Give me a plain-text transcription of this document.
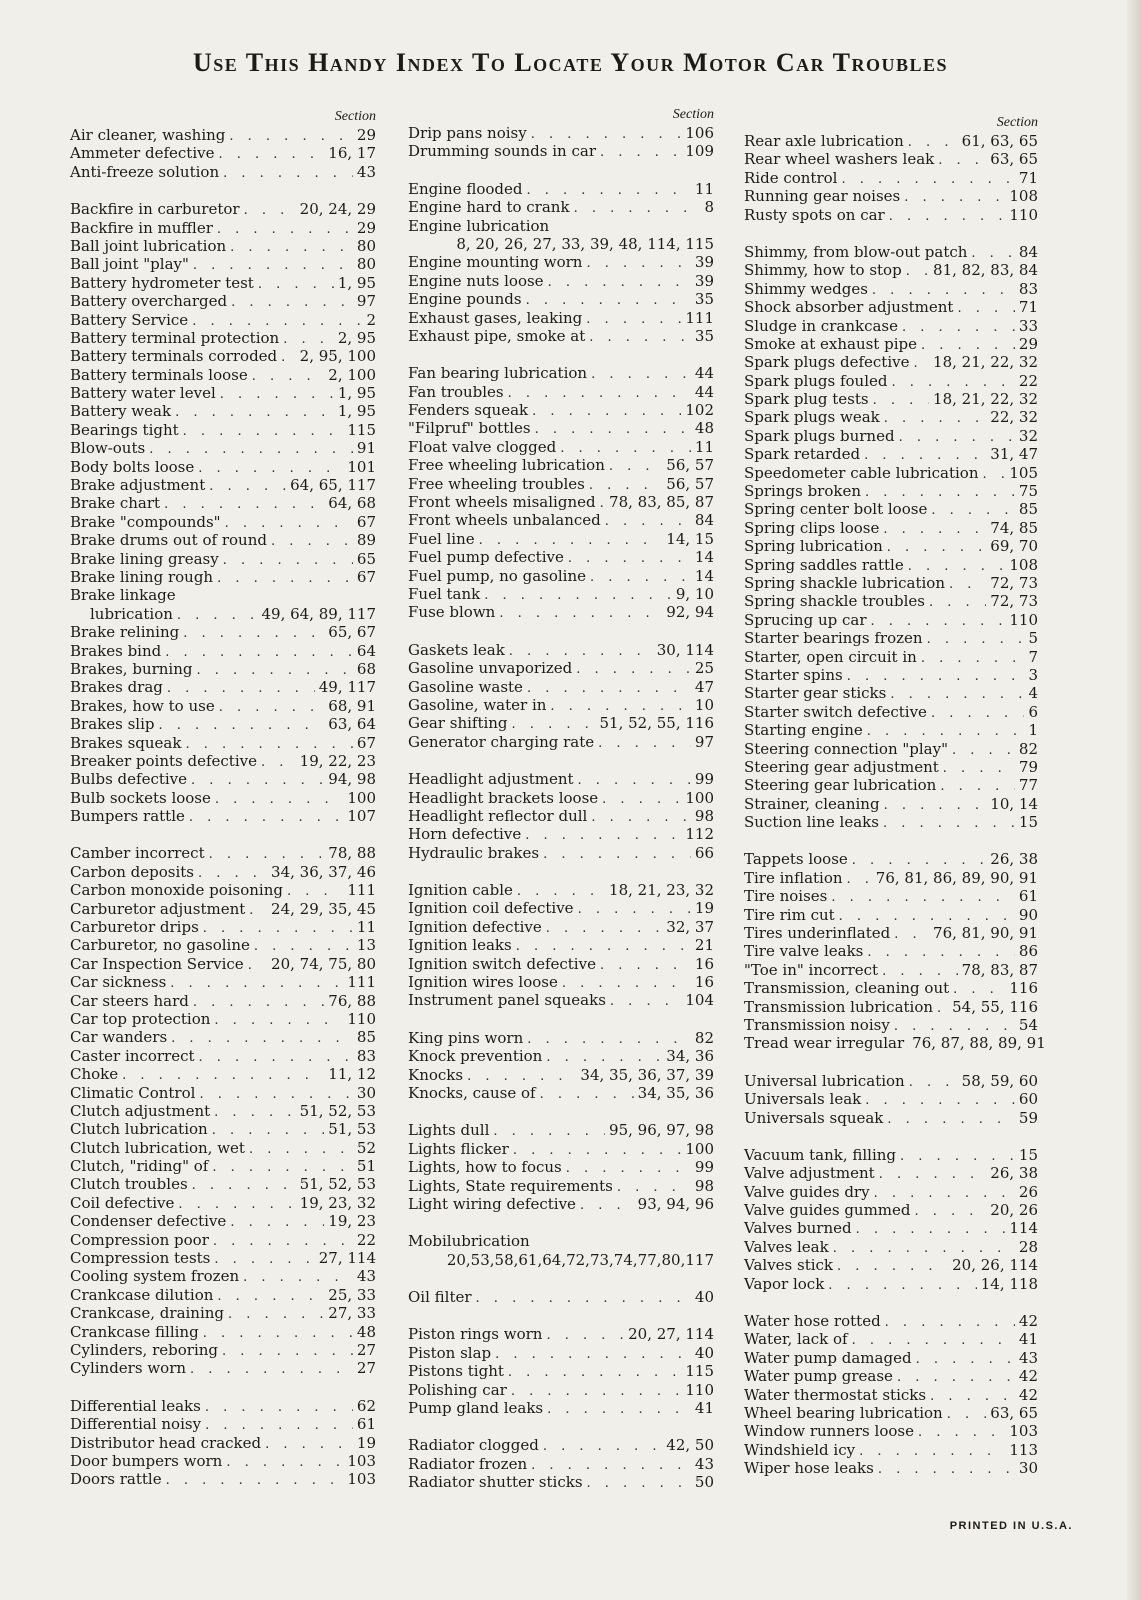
Use This Handy Index To Locate Your Motor Car Troubles
Section
Air cleaner, washing . . .	29
Ammeter defective . . .	16, 17
Anti-freeze solution . . .	43
Backfire in carburetor . . .	20, 24, 29
Backfire in muffler . . .	29
Ball joint lubrication . . .	80
Ball joint "play" . . .	80
Battery hydrometer test . . .	1, 95
Battery overcharged . . .	97
Battery Service . . .	2
Battery terminal protection . . .	2, 95
Battery terminals corroded . . . 2, 95, 100
Battery terminals loose . . .	2, 100
Battery water level . . .	1, 95
Battery weak . . .	1, 95
Bearings tight . . .	115
Blow-outs . . .	91
Body bolts loose . . .	101
Brake adjustment . . .	64, 65, 117
Brake chart . . .	64, 68
Brake "compounds" . . .	67
Brake drums out of round . . .	89
Brake lining greasy . . .	65
Brake lining rough . . .	67
Brake linkage
lubrication . . .	49, 64, 89, 117
Brake relining . . .	65, 67
Brakes bind . . .	64
Brakes, burning . . .	68
Brakes drag . . .	49, 117
Brakes, how to use . . .	68, 91
Brakes slip . . .	63, 64
Brakes squeak . . .	67
Breaker points defective . . .	19, 22, 23
Bulbs defective . . .	94, 98
Bulb sockets loose . . .	100
Bumpers rattle . . .	107
Camber incorrect . . .	78, 88
Carbon deposits . . .	34, 36, 37, 46
Carbon monoxide poisoning . . .	111
Carburetor adjustment . . . 24, 29, 35, 45
Carburetor drips . . .	11
Carburetor, no gasoline . . .	13
Car Inspection Service . . . 20, 74, 75, 80
Car sickness . . .	111
Car steers hard . . .	76, 88
Car top protection . . .	110
Car wanders . . .	85
Caster incorrect . . .	83
Choke . . .	11, 12
Climatic Control . . .	30
Clutch adjustment . . .	51, 52, 53
Clutch lubrication . . .	51, 53
Clutch lubrication, wet . . .	52
Clutch, "riding" of . . .	51
Clutch troubles . . .	51, 52, 53
Coil defective . . .	19, 23, 32
Condenser defective . . .	19, 23
Compression poor . . .	22
Compression tests . . .	27, 114
Cooling system frozen . . .	43
Crankcase dilution . . .	25, 33
Crankcase, draining . . .	27, 33
Crankcase filling . . .	48
Cylinders, reboring . . .	27
Cylinders worn . . .	27
Differential leaks . . .	62
Differential noisy . . .	61
Distributor head cracked . . .	19
Door bumpers worn . . .	103
Doors rattle . . .	103
Section
Drip pans noisy . . .	106
Drumming sounds in car . . .	109
Engine flooded . . .	11
Engine hard to crank . . .	8
Engine lubrication
8, 20, 26, 27, 33, 39, 48, 114, 115
Engine mounting worn . . .	39
Engine nuts loose . . .	39
Engine pounds . . .	35
Exhaust gases, leaking . . .	111
Exhaust pipe, smoke at . . .	35
Fan bearing lubrication . . .	44
Fan troubles . . .	44
Fenders squeak . . .	102
"Filpruf" bottles . . .	48
Float valve clogged . . .	11
Free wheeling lubrication . . .	56, 57
Free wheeling troubles . . .	56, 57
Front wheels misaligned . . . 78, 83, 85, 87
Front wheels unbalanced . . .	84
Fuel line . . .	14, 15
Fuel pump defective . . .	14
Fuel pump, no gasoline . . .	14
Fuel tank . . .	9, 10
Fuse blown . . .	92, 94
Gaskets leak . . .	30, 114
Gasoline unvaporized . . .	25
Gasoline waste . . .	47
Gasoline, water in . . .	10
Gear shifting . . .	51, 52, 55, 116
Generator charging rate . . .	97
Headlight adjustment . . .	99
Headlight brackets loose . . .	100
Headlight reflector dull . . .	98
Horn defective . . .	112
Hydraulic brakes . . .	66
Ignition cable . . .	18, 21, 23, 32
Ignition coil defective . . .	19
Ignition defective . . .	32, 37
Ignition leaks . . .	21
Ignition switch defective . . .	16
Ignition wires loose . . .	16
Instrument panel squeaks . . .	104
King pins worn . . .	82
Knock prevention . . .	34, 36
Knocks . . .	34, 35, 36, 37, 39
Knocks, cause of . . .	34, 35, 36
Lights dull . . .	95, 96, 97, 98
Lights flicker . . .	100
Lights, how to focus . . .	99
Lights, State requirements . . .	98
Light wiring defective . . .	93, 94, 96
Mobilubrication
20,53,58,61,64,72,73,74,77,80,117
Oil filter . . .	40
Piston rings worn . . .	20, 27, 114
Piston slap . . .	40
Pistons tight . . .	115
Polishing car . . .	110
Pump gland leaks . . .	41
Radiator clogged . . .	42, 50
Radiator frozen . . .	43
Radiator shutter sticks . . .	50
Section
Rear axle lubrication . . .	61, 63, 65
Rear wheel washers leak . . .	63, 65
Ride control . . .	71
Running gear noises . . .	108
Rusty spots on car . . .	110
Shimmy, from blow-out patch . . .	84
Shimmy, how to stop . . . 81, 82, 83, 84
Shimmy wedges . . .	83
Shock absorber adjustment . . .	71
Sludge in crankcase . . .	33
Smoke at exhaust pipe . . .	29
Spark plugs defective . . . 18, 21, 22, 32
Spark plugs fouled . . .	22
Spark plug tests . . .	18, 21, 22, 32
Spark plugs weak . . .	22, 32
Spark plugs burned . . .	32
Spark retarded . . .	31, 47
Speedometer cable lubrication . . . 105
Springs broken . . .	75
Spring center bolt loose . . .	85
Spring clips loose . . .	74, 85
Spring lubrication . . .	69, 70
Spring saddles rattle . . .	108
Spring shackle lubrication . . .	72, 73
Spring shackle troubles . . .	72, 73
Sprucing up car . . .	110
Starter bearings frozen . . .	5
Starter, open circuit in . . .	7
Starter spins . . .	3
Starter gear sticks . . .	4
Starter switch defective . . .	6
Starting engine . . .	1
Steering connection "play" . . .	82
Steering gear adjustment . . .	79
Steering gear lubrication . . .	77
Strainer, cleaning . . .	10, 14
Suction line leaks . . .	15
Tappets loose . . .	26, 38
Tire inflation . . . 76, 81, 86, 89, 90, 91
Tire noises . . .	61
Tire rim cut . . .	90
Tires underinflated . . .	76, 81, 90, 91
Tire valve leaks . . .	86
"Toe in" incorrect . . .	78, 83, 87
Transmission, cleaning out . . .	116
Transmission lubrication . . . 54, 55, 116
Transmission noisy . . .	54
Tread wear irregular 76, 87, 88, 89, 91
Universal lubrication . . .	58, 59, 60
Universals leak . . .	60
Universals squeak . . .	59
Vacuum tank, filling . . .	15
Valve adjustment . . .	26, 38
Valve guides dry . . .	26
Valve guides gummed . . .	20, 26
Valves burned . . .	114
Valves leak . . .	28
Valves stick . . .	20, 26, 114
Vapor lock . . .	14, 118
Water hose rotted . . .	42
Water, lack of . . .	41
Water pump damaged . . .	43
Water pump grease . . .	42
Water thermostat sticks . . .	42
Wheel bearing lubrication . . .	63, 65
Window runners loose . . .	103
Windshield icy . . .	113
Wiper hose leaks . . .	30
PRINTED IN U.S.A.
